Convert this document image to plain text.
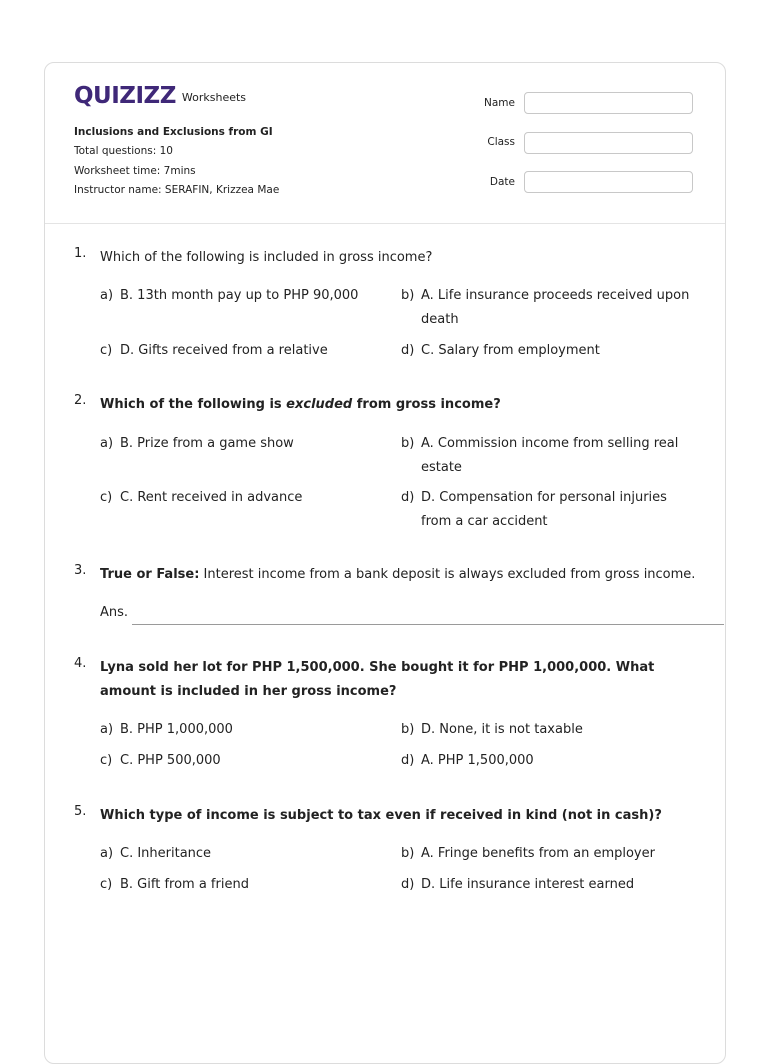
QUIZIZZ Worksheets
Inclusions and Exclusions from GI
Total questions: 10
Worksheet time: 7mins
Instructor name: SERAFIN, Krizzea Mae
Name
Class
Date
1. Which of the following is included in gross income?
a) B. 13th month pay up to PHP 90,000	b) A. Life insurance proceeds received upon death
c) D. Gifts received from a relative	d) C. Salary from employment
2. Which of the following is excluded from gross income?
a) B. Prize from a game show	b) A. Commission income from selling real estate
c) C. Rent received in advance	d) D. Compensation for personal injuries from a car accident
3. True or False: Interest income from a bank deposit is always excluded from gross income.
Ans.
4. Lyna sold her lot for PHP 1,500,000. She bought it for PHP 1,000,000. What amount is included in her gross income?
a) B. PHP 1,000,000	b) D. None, it is not taxable
c) C. PHP 500,000	d) A. PHP 1,500,000
5. Which type of income is subject to tax even if received in kind (not in cash)?
a) C. Inheritance	b) A. Fringe benefits from an employer
c) B. Gift from a friend	d) D. Life insurance interest earned
